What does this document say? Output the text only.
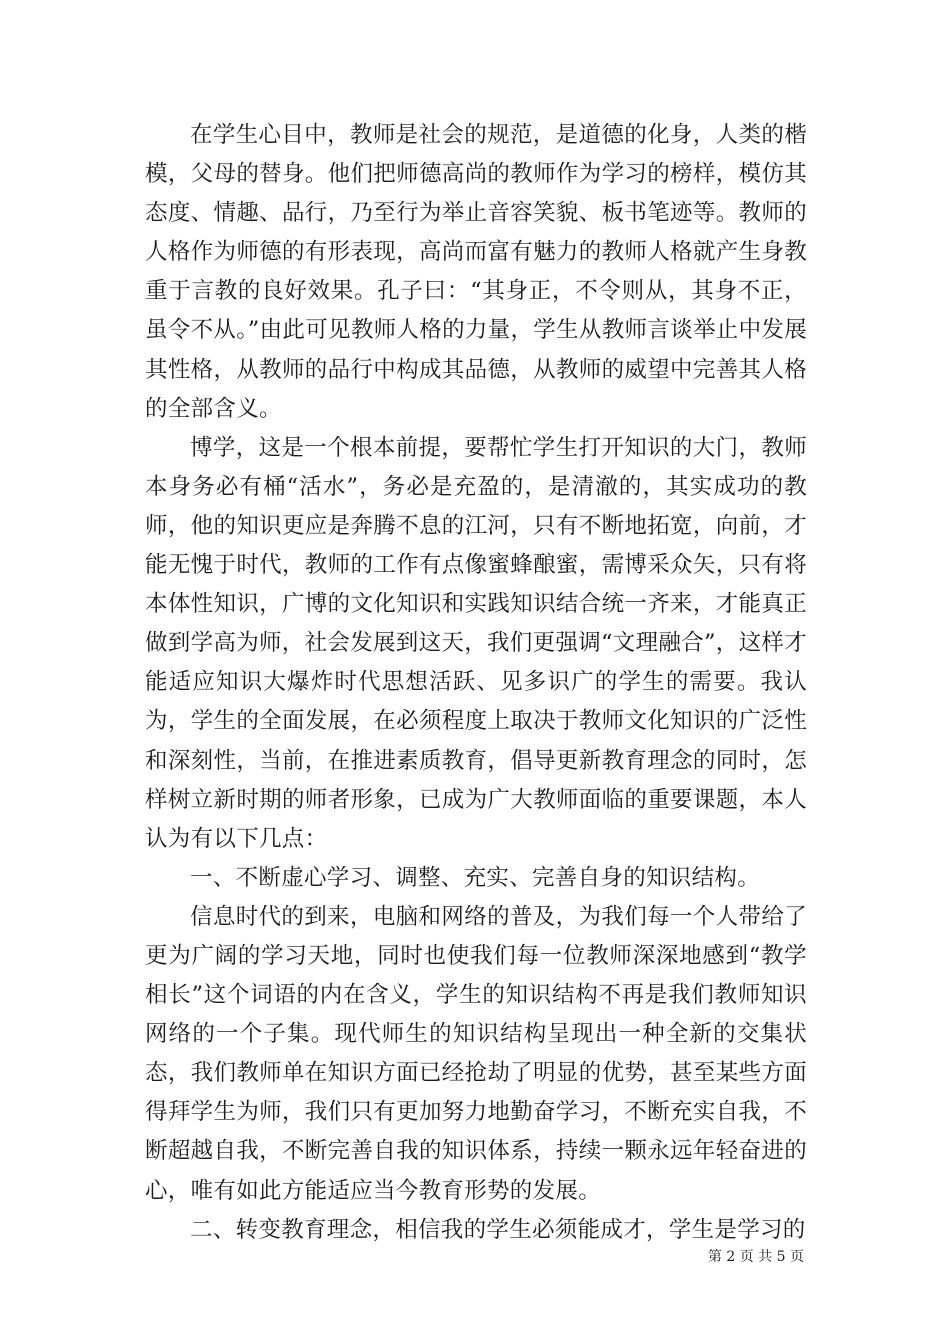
在学生心目中，教师是社会的规范，是道德的化身，人类的楷模，父母的替身。他们把师德高尚的教师作为学习的榜样，模仿其态度、情趣、品行，乃至行为举止音容笑貌、板书笔迹等。教师的人格作为师德的有形表现，高尚而富有魅力的教师人格就产生身教重于言教的良好效果。孔子曰：“其身正，不令则从，其身不正，虽令不从。”由此可见教师人格的力量，学生从教师言谈举止中发展其性格，从教师的品行中构成其品德，从教师的威望中完善其人格的全部含义。

博学，这是一个根本前提，要帮忙学生打开知识的大门，教师本身务必有桶“活水”，务必是充盈的，是清澈的，其实成功的教师，他的知识更应是奔腾不息的江河，只有不断地拓宽，向前，才能无愧于时代，教师的工作有点像蜜蜂酿蜜，需博采众矢，只有将本体性知识，广博的文化知识和实践知识结合统一齐来，才能真正做到学高为师，社会发展到这天，我们更强调“文理融合”，这样才能适应知识大爆炸时代思想活跃、见多识广的学生的需要。我认为，学生的全面发展，在必须程度上取决于教师文化知识的广泛性和深刻性，当前，在推进素质教育，倡导更新教育理念的同时，怎样树立新时期的师者形象，已成为广大教师面临的重要课题，本人认为有以下几点：

一、不断虚心学习、调整、充实、完善自身的知识结构。

信息时代的到来，电脑和网络的普及，为我们每一个人带给了更为广阔的学习天地，同时也使我们每一位教师深深地感到“教学相长”这个词语的内在含义，学生的知识结构不再是我们教师知识网络的一个子集。现代师生的知识结构呈现出一种全新的交集状态，我们教师单在知识方面已经抢劫了明显的优势，甚至某些方面得拜学生为师，我们只有更加努力地勤奋学习，不断充实自我，不断超越自我，不断完善自我的知识体系，持续一颗永远年轻奋进的心，唯有如此方能适应当今教育形势的发展。

二、转变教育理念，相信我的学生必须能成才，学生是学习的

第 2 页 共 5 页
